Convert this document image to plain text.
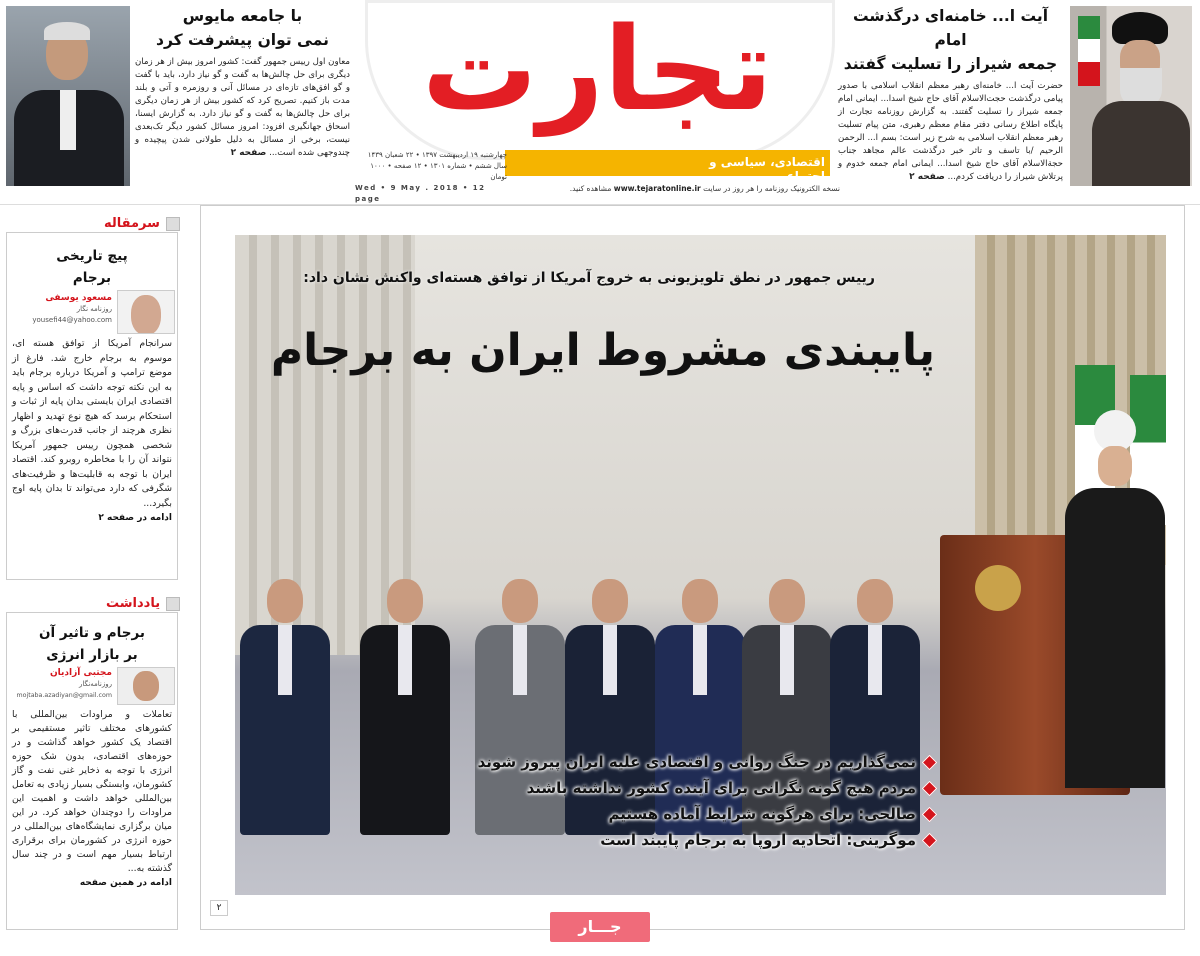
آیت ا... خامنه‌ای درگذشت امام
جمعه شیراز را تسلیت گفتند
حضرت آیت ا... خامنه‌ای رهبر معظم انقلاب اسلامی با صدور پیامی درگذشت حجت‌الاسلام آقای حاج شیخ اسدا... ایمانی امام جمعه شیراز را تسلیت گفتند. به گزارش روزنامه تجارت از پایگاه اطلاع رسانی دفتر مقام معظم رهبری، متن پیام تسلیت رهبر معظم انقلاب اسلامی به شرح زیر است: بسم ا... الرحمن الرحیم /با تاسف و تاثر خبر درگذشت عالم مجاهد جناب حجة‌الاسلام آقای حاج شیخ اسدا... ایمانی امام جمعه خدوم و پرتلاش شیراز را دریافت کردم... صفحه ۲
با جامعه مایوس
نمی توان پیشرفت کرد
معاون اول رییس جمهور گفت: کشور امروز بیش از هر زمان دیگری برای حل چالش‌ها به گفت و گو نیاز دارد، باید با گفت و گو افق‌های تازه‌ای در مسائل آنی و روزمره و آتی و بلند مدت باز کنیم. تصریح کرد که کشور بیش از هر زمان دیگری برای حل چالش‌ها به گفت و گو نیاز دارد. به گزارش ایسنا، اسحاق جهانگیری افزود: امروز مسائل کشور دیگر تک‌بعدی نیست، برخی از مسائل به دلیل طولانی شدن پیچیده و چندوجهی شده است... صفحه ۲
اقتصادی، سیاسی و اجتماعی
تجارت
چهارشنبه ۱۹ اردیبهشت ۱۳۹۷ • ۲۲ شعبان ۱۴۳۹
سال ششم • شماره ۱۳۰۱ • ۱۲ صفحه • ۱۰۰۰ تومان
Wed • 9 May . 2018 • 12 page
نسخه الکترونیک روزنامه را هر روز در سایت www.tejaratonline.ir مشاهده کنید.
سرمقاله
پیچ تاریخی
برجام
مسعود یوسفی
روزنامه نگار
yousefi44@yahoo.com
سرانجام آمریکا از توافق هسته ای، موسوم به برجام خارج شد. فارغ از موضع ترامپ و آمریکا درباره برجام باید به این نکته توجه داشت که اساس و پایه اقتصادی ایران بایستی بدان پایه از ثبات و استحکام برسد که هیچ نوع تهدید و اظهار نظری هرچند از جانب قدرت‌های بزرگ و شخصی همچون رییس جمهور آمریکا نتواند آن را با مخاطره روبرو کند. اقتصاد ایران با توجه به قابلیت‌ها و ظرفیت‌های شگرفی که دارد می‌تواند تا بدان پایه اوج بگیرد...
ادامه در صفحه ۲
یادداشت
برجام و تاثیر آن
بر بازار انرژی
مجتبی آزادیان
روزنامه‌نگار
mojtaba.azadiyan@gmail.com
تعاملات و مراودات بین‌المللی با کشورهای مختلف تاثیر مستقیمی بر اقتصاد یک کشور خواهد گذاشت و در حوزه‌های اقتصادی، بدون شک حوزه انرژی با توجه به ذخایر غنی نفت و گاز کشورمان، وابستگی بسیار زیادی به تعامل بین‌المللی خواهد داشت و اهمیت این مراودات را دوچندان خواهد کرد. در این میان برگزاری نمایشگاه‌های بین‌المللی در حوزه انرژی در کشورمان برای برقراری ارتباط بسیار مهم است و در چند سال گذشته به...
ادامه در همین صفحه
رییس جمهور در نطق تلویزیونی به خروج آمریکا از توافق هسته‌ای واکنش نشان داد:
پایبندی مشروط ایران به برجام
نمی‌گذاریم در جنگ روانی و اقتصادی علیه ایران پیروز شوند
مردم هیچ گونه نگرانی برای آینده کشور نداشته باشند
صالحی: برای هرگونه شرایط آماده هستیم
موگرینی: اتحادیه اروپا به برجام پایبند است
۲
جـــار
